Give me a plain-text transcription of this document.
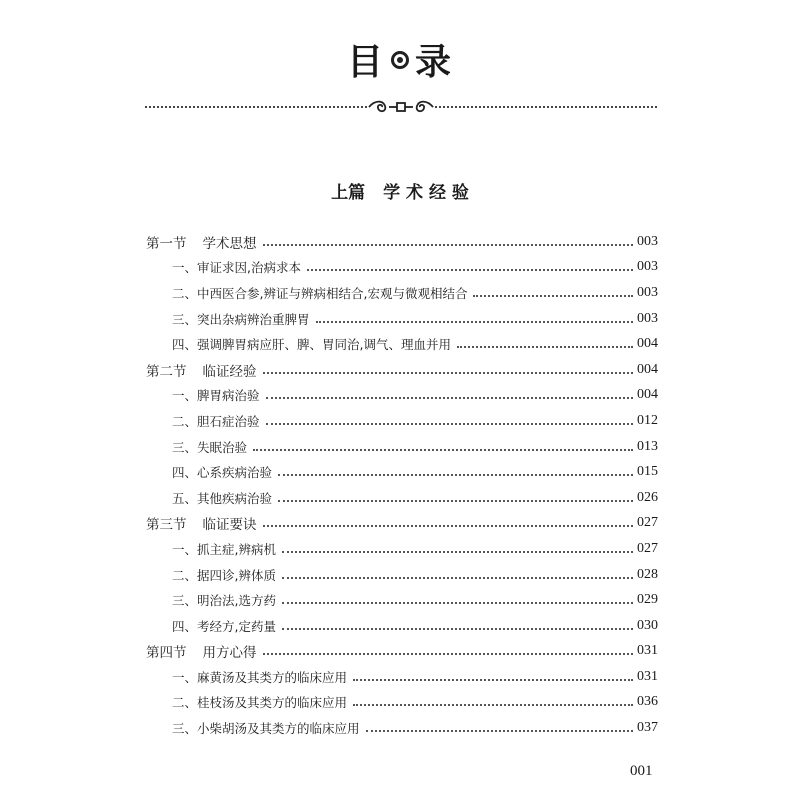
目 录
上篇 学 术 经 验
第一节 学术思想	003
一、审证求因,治病求本	003
二、中西医合参,辨证与辨病相结合,宏观与微观相结合	003
三、突出杂病辨治重脾胃	003
四、强调脾胃病应肝、脾、胃同治,调气、理血并用	004
第二节 临证经验	004
一、脾胃病治验	004
二、胆石症治验	012
三、失眠治验	013
四、心系疾病治验	015
五、其他疾病治验	026
第三节 临证要诀	027
一、抓主症,辨病机	027
二、据四诊,辨体质	028
三、明治法,选方药	029
四、考经方,定药量	030
第四节 用方心得	031
一、麻黄汤及其类方的临床应用	031
二、桂枝汤及其类方的临床应用	036
三、小柴胡汤及其类方的临床应用	037
001
